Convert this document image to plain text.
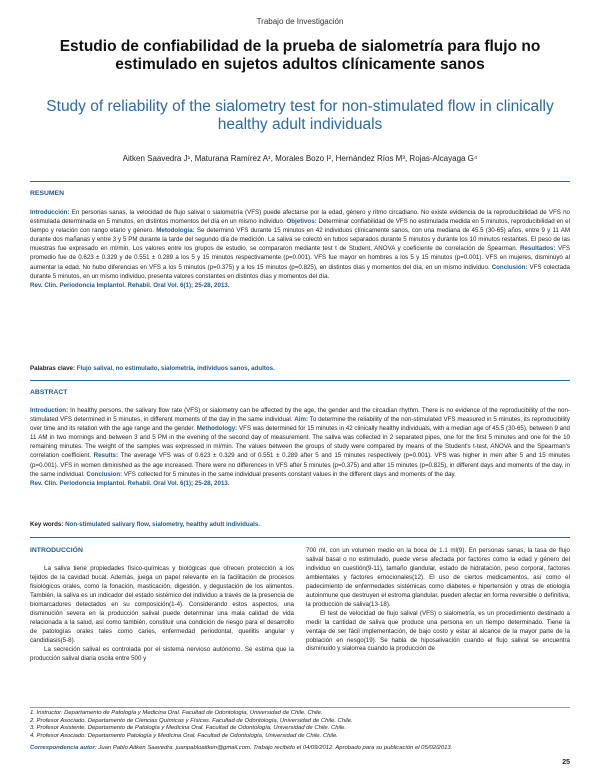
Trabajo de Investigación
Estudio de confiabilidad de la prueba de sialometría para flujo no estimulado en sujetos adultos clínicamente sanos
Study of reliability of the sialometry test for non-stimulated flow in clinically healthy adult individuals
Aitken Saavedra J¹, Maturana Ramírez A¹, Morales Bozo I², Hernández Ríos M³, Rojas-Alcayaga G⁴
RESUMEN
Introducción: En personas sanas, la velocidad de flujo salival o sialometría (VFS) puede afectarse por la edad, género y ritmo circadiano. No existe evidencia de la reproducibilidad de VFS no estimulada determinada en 5 minutos, en distintos momentos del día en un mismo individuo. Objetivos: Determinar confiabilidad de VFS no estimulada medida en 5 minutos, reproducibilidad en el tiempo y relación con rango etario y género. Metodología: Se determinó VFS durante 15 minutos en 42 individuos clínicamente sanos, con una mediana de 45.5 (30-65) años, entre 9 y 11 AM durante dos mañanas y entre 3 y 5 PM durante la tarde del segundo día de medición. La saliva se colectó en tubos separados durante 5 minutos y durante los 10 minutos restantes. El peso de las muestras fue expresado en ml/min. Los valores entre los grupos de estudio, se compararon mediante test t de Student, ANOVA y coeficiente de correlación de Spearman. Resultados: VFS promedio fue de 0.623 ± 0.329 y de 0.551 ± 0.289 a los 5 y 15 minutos respectivamente (p=0.001). VFS fue mayor en hombres a los 5 y 15 minutos (p=0.001). VFS en mujeres, disminuyó al aumentar la edad. No hubo diferencias en VFS a los 5 minutos (p=0.375) y a los 15 minutos (p=0.825), en distintos días y momentos del día, en un mismo individuo. Conclusión: VFS colectada durante 5 minutos, en un mismo individuo, presenta valores constantes en distintos días y momentos del día.
Rev. Clin. Periodoncia Implantol. Rehabil. Oral Vol. 6(1); 25-28, 2013.
Palabras clave: Flujo salival, no estimulado, sialometría, individuos sanos, adultos.
ABSTRACT
Introduction: In healthy persons, the salivary flow rate (VFS) or sialometry can be affected by the age, the gender and the circadian rhythm. There is no evidence of the reproducibility of the non-stimulated VFS determined in 5 minutes, in different moments of the day in the same individual. Aim: To determine the reliability of the non-stimulated VFS measured in 5 minutes, its reproducibility over time and its relation with the age range and the gender. Methodology: VFS was determined for 15 minutes in 42 clinically healthy individuals, with a median age of 45.5 (30-65), between 9 and 11 AM in two mornings and between 3 and 5 PM in the evening of the second day of measurement. The saliva was collected in 2 separated pipes, one for the first 5 minutes and one for the 10 remaining minutes. The weight of the samples was expressed in ml/min. The values between the groups of study were compared by means of the Student's t-test, ANOVA and the Spearman's correlation coefficient. Results: The average VFS was of 0.623 ± 0.329 and of 0.551 ± 0.289 after 5 and 15 minutes respectively (p=0.001). VFS was higher in men after 5 and 15 minutes (p=0.001). VFS in women diminished as the age increased. There were no differences in VFS after 5 minutes (p=0.375) and after 15 minutes (p=0.825), in different days and moments of the day, in the same individual. Conclusion: VFS collected for 5 minutes in the same individual presents constant values in the different days and moments of the day.
Rev. Clin. Periodoncia Implantol. Rehabil. Oral Vol. 6(1); 25-28, 2013.
Key words: Non-stimulated salivary flow, sialometry, healthy adult individuals.
INTRODUCCIÓN

La saliva tiene propiedades físico-químicas y biológicas que ofrecen protección a los tejidos de la cavidad bucal. Además, juega un papel relevante en la facilitación de procesos fisiológicos orales, como la fonación, masticación, digestión, y degustación de los alimentos. También, la saliva es un indicador del estado sistémico del individuo a través de la presencia de biomarcadores detectados en su composición(1-4). Considerando estos aspectos, una disminución severa en la producción salival puede determinar una mala calidad de vida relacionada a la salud, así como también, constituir una condición de riesgo para el desarrollo de patologías orales tales como caries, enfermedad periodontal, queilitis angular y candidiasis(5-8).

La secreción salival es controlada por el sistema nervioso autónomo. Se estima que la producción salival diaria oscila entre 500 y

700 ml, con un volumen medio en la boca de 1.1 ml(9). En personas sanas, la tasa de flujo salival basal o no estimulado, puede verse afectada por factores como la edad y género del individuo en cuestión(9-11), tamaño glandular, estado de hidratación, peso corporal, factores ambientales y factores emocionales(12). El uso de ciertos medicamentos, así como el padecimiento de enfermedades sistémicas como diabetes e hipertensión y otras de etiología autoinmune que destruyen el estroma glandular, pueden afectar en forma reversible o definitiva, la producción de saliva(13-18).

El test de velocidad de flujo salival (VFS) o sialometría, es un procedimiento destinado a medir la cantidad de saliva que produce una persona en un tiempo determinado. Tiene la ventaja de ser fácil implementación, de bajo costo y estar al alcance de la mayor parte de la población en riesgo(19). Se habla de hiposalivación cuando el flujo salival se encuentra disminuido y sialorrea cuando la producción de

1. Instructor. Departamento de Patología y Medicina Oral. Facultad de Odontología, Universidad de Chile. Chile.
2. Profesor Asociado. Departamento de Ciencias Químicas y Físicas. Facultad de Odontología, Universidad de Chile. Chile.
3. Profesor Asistente. Departamento de Patología y Medicina Oral. Facultad de Odontología, Universidad de Chile. Chile.
4. Profesor Asociado. Departamento Patología y Medicina Oral. Facultad de Odontología, Universidad de Chile. Chile.
Correspondencia autor: Juan Pablo Aitken Saavedra. juanpabloaitken@gmail.com. Trabajo recibido el 04/09/2012. Aprobado para su publicación el 05/02/2013.
25
